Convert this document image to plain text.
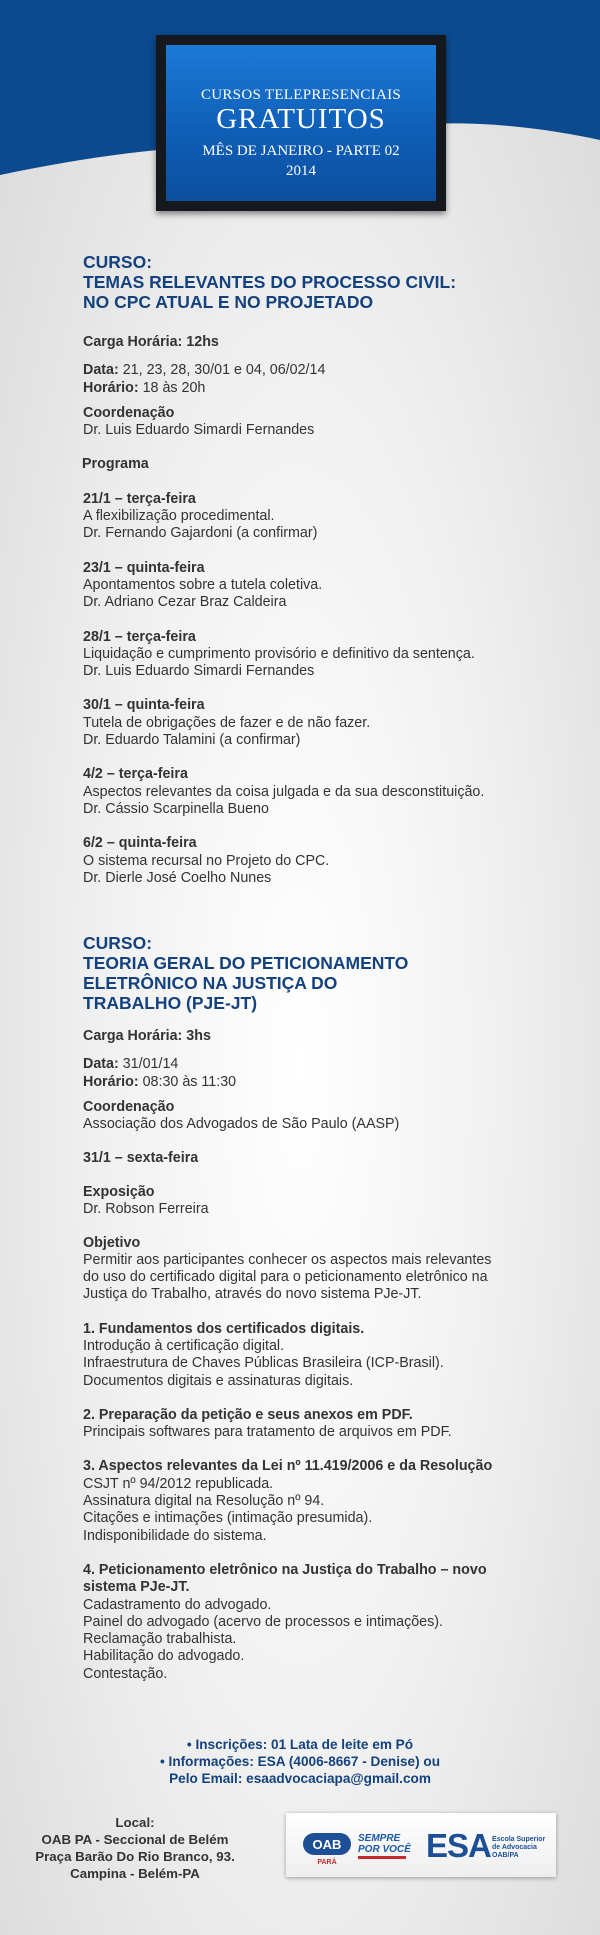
CURSOS TELEPRESENCIAIS
GRATUITOS
MÊS DE JANEIRO - PARTE 02
2014
CURSO:
TEMAS RELEVANTES DO PROCESSO CIVIL:
NO CPC ATUAL E NO PROJETADO
Carga Horária: 12hs
Data: 21, 23, 28, 30/01 e 04, 06/02/14
Horário: 18 às 20h
Coordenação
Dr. Luis Eduardo Simardi Fernandes
Programa
21/1 – terça-feira
A flexibilização procedimental.
Dr. Fernando Gajardoni (a confirmar)
23/1 – quinta-feira
Apontamentos sobre a tutela coletiva.
Dr. Adriano Cezar Braz Caldeira
28/1 – terça-feira
Liquidação e cumprimento provisório e definitivo da sentença.
Dr. Luis Eduardo Simardi Fernandes
30/1 – quinta-feira
Tutela de obrigações de fazer e de não fazer.
Dr. Eduardo Talamini (a confirmar)
4/2 – terça-feira
Aspectos relevantes da coisa julgada e da sua desconstituição.
Dr. Cássio Scarpinella Bueno
6/2 – quinta-feira
O sistema recursal no Projeto do CPC.
Dr. Dierle José Coelho Nunes
CURSO:
TEORIA GERAL DO PETICIONAMENTO
ELETRÔNICO NA JUSTIÇA DO
TRABALHO (PJE-JT)
Carga Horária: 3hs
Data: 31/01/14
Horário: 08:30 às 11:30
Coordenação
Associação dos Advogados de São Paulo (AASP)
31/1 – sexta-feira
Exposição
Dr. Robson Ferreira
Objetivo
Permitir aos participantes conhecer os aspectos mais relevantes
do uso do certificado digital para o peticionamento eletrônico na
Justiça do Trabalho, através do novo sistema PJe-JT.
1. Fundamentos dos certificados digitais.
Introdução à certificação digital.
Infraestrutura de Chaves Públicas Brasileira (ICP-Brasil).
Documentos digitais e assinaturas digitais.
2. Preparação da petição e seus anexos em PDF.
Principais softwares para tratamento de arquivos em PDF.
3. Aspectos relevantes da Lei nº 11.419/2006 e da Resolução
CSJT nº 94/2012 republicada.
Assinatura digital na Resolução nº 94.
Citações e intimações (intimação presumida).
Indisponibilidade do sistema.
4. Peticionamento eletrônico na Justiça do Trabalho – novo
sistema PJe-JT.
Cadastramento do advogado.
Painel do advogado (acervo de processos e intimações).
Reclamação trabalhista.
Habilitação do advogado.
Contestação.
• Inscrições: 01 Lata de leite em Pó
• Informações: ESA (4006-8667 - Denise) ou
Pelo Email: esaadvocaciapa@gmail.com
Local:
OAB PA - Seccional de Belém
Praça Barão Do Rio Branco, 93.
Campina - Belém-PA
OAB
PARÁ
SEMPRE
POR VOCÊ ESA Escola Superior de Advocacia OAB/PA
